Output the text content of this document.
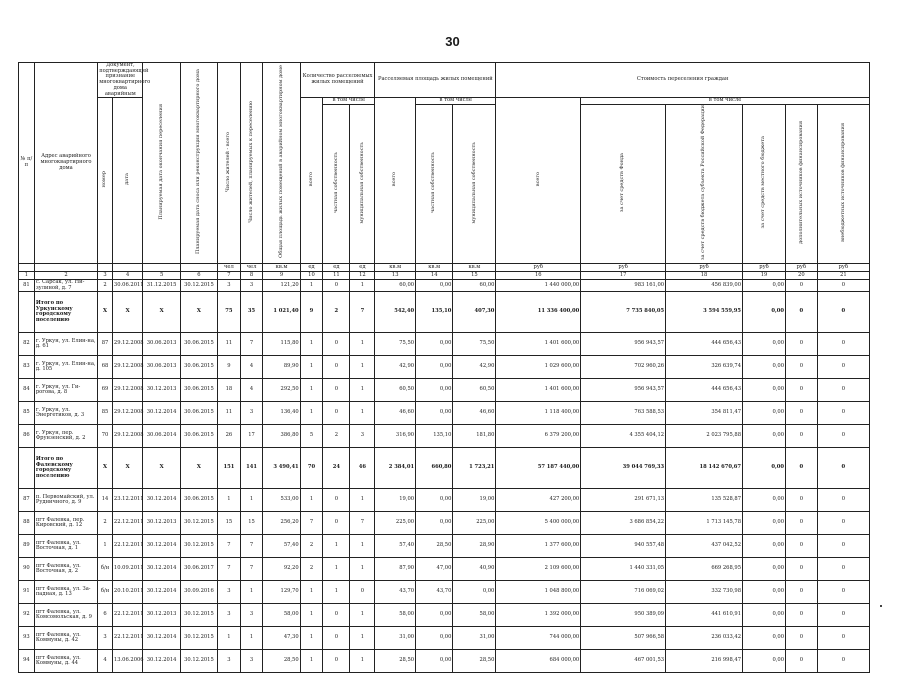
30
№ п/п	Адрес аварийного многоквартирного дома	Документ, подтверждающий признание многоквартирного дома аварийным		Планируемая дата окончания переселения	Планируемая дата сноса или реконструкции многоквартирного дома	Число жителей - всего	Число жителей, планируемых к переселению	Общая площадь жилых помещений в аварийном многоквартирном доме	Количество расселяемых жилых помещений			Расселяемая площадь жилых помещений			Стоимость переселения граждан					
		номер	дата						всего	в том числе		всего	в том числе		всего	в том числе				
										частная собственность	муниципальная собственность		частная собственность	муниципальная собственность		за счет средств Фонда	за счет средств бюджета субъекта Российской Федерации	за счет средств местного бюджета	дополнительных источников финансирования	внебюджетных источников финансирования
						чел	чел	кв.м	ед	ед	ед	кв.м	кв.м	кв.м	руб	руб	руб	руб	руб	руб
1	2	3	4	5	6	7	8	9	10	11	12	13	14	15	16	17	18	19	20	21
81	с. Сарсак, ул. Ни-зулиной, д. 7	2	30.06.2011	31.12.2015	30.12.2015	3	3	121,20	1	0	1	60,00	0,00	60,00	1 440 000,00	983 161,00	456 839,00	0,00	0	0
	Итого по Уркунскому городскому поселению	X	X	X	X	75	35	1 021,40	9	2	7	542,40	135,10	407,30	11 336 400,00	7 735 840,05	3 594 559,95	0,00	0	0
82	г. Уркун, ул. Елин-на, д. 61	87	29.12.2008	30.06.2013	30.06.2015	11	7	115,80	1	0	1	75,50	0,00	75,50	1 401 600,00	956 943,57	444 656,43	0,00	0	0
83	г. Уркун, ул. Елин-на, д. 105	68	29.12.2008	30.06.2013	30.06.2015	9	4	89,90	1	0	1	42,90	0,00	42,90	1 029 600,00	702 960,26	326 639,74	0,00	0	0
84	г. Уркун, ул. Ги-рогова, д. 8	69	29.12.2008	30.12.2013	30.06.2015	18	4	292,50	1	0	1	60,50	0,00	60,50	1 401 600,00	956 943,57	444 656,43	0,00	0	0
85	г. Уркун, ул. Энергетиков, д. 3	85	29.12.2008	30.12.2014	30.06.2015	11	3	136,40	1	0	1	46,60	0,00	46,60	1 118 400,00	763 588,53	354 811,47	0,00	0	0
86	г. Уркун, пер. Фрунзенский, д. 2	70	29.12.2008	30.06.2014	30.06.2015	26	17	386,80	5	2	3	316,90	135,10	181,80	6 379 200,00	4 355 404,12	2 023 795,88	0,00	0	0
	Итого по Фалевскому городскому поселению	X	X	X	X	151	141	3 490,41	70	24	46	2 384,01	660,80	1 723,21	57 187 440,00	39 044 769,33	18 142 670,67	0,00	0	0
87	п. Первомайский, ул. Рудничного, д. 9	14	23.12.2011	30.12.2014	30.06.2015	1	1	533,00	1	0	1	19,00	0,00	19,00	427 200,00	291 671,13	135 528,87	0,00	0	0
88	пгт Фалевка, пер. Кировский, д. 12	2	22.12.2011	30.12.2013	30.12.2015	15	15	256,20	7	0	7	225,00	0,00	225,00	5 400 000,00	3 686 854,22	1 713 145,78	0,00	0	0
89	пгт Фалевка, ул. Восточная, д. 1	1	22.12.2011	30.12.2014	30.12.2015	7	7	57,40	2	1	1	57,40	28,50	28,90	1 377 600,00	940 557,48	437 042,52	0,00	0	0
90	пгт Фалевка, ул. Восточная, д. 2	б/н	10.09.2011	30.12.2014	30.06.2017	7	7	92,20	2	1	1	87,90	47,00	40,90	2 109 600,00	1 440 331,05	669 268,95	0,00	0	0
91	пгт Фалевка, ул. За-падная, д. 13	б/н	20.10.2011	30.12.2014	30.09.2016	3	1	129,70	1	1	0	43,70	43,70	0,00	1 048 800,00	716 069,02	332 730,98	0,00	0	0
92	пгт Фалевка, ул. Комсомольская, д. 9	6	22.12.2011	30.12.2013	30.12.2015	3	3	58,00	1	0	1	58,00	0,00	58,00	1 392 000,00	950 389,09	441 610,91	0,00	0	0
93	пгт Фалевка, ул. Коммуны, д. 42	3	22.12.2011	30.12.2014	30.12.2015	1	1	47,30	1	0	1	31,00	0,00	31,00	744 000,00	507 966,58	236 033,42	0,00	0	0
94	пгт Фалевка, ул. Коммуны, д. 44	4	13.06.2006	30.12.2014	30.12.2015	3	3	28,50	1	0	1	28,50	0,00	28,50	684 000,00	467 001,53	216 998,47	0,00	0	0
